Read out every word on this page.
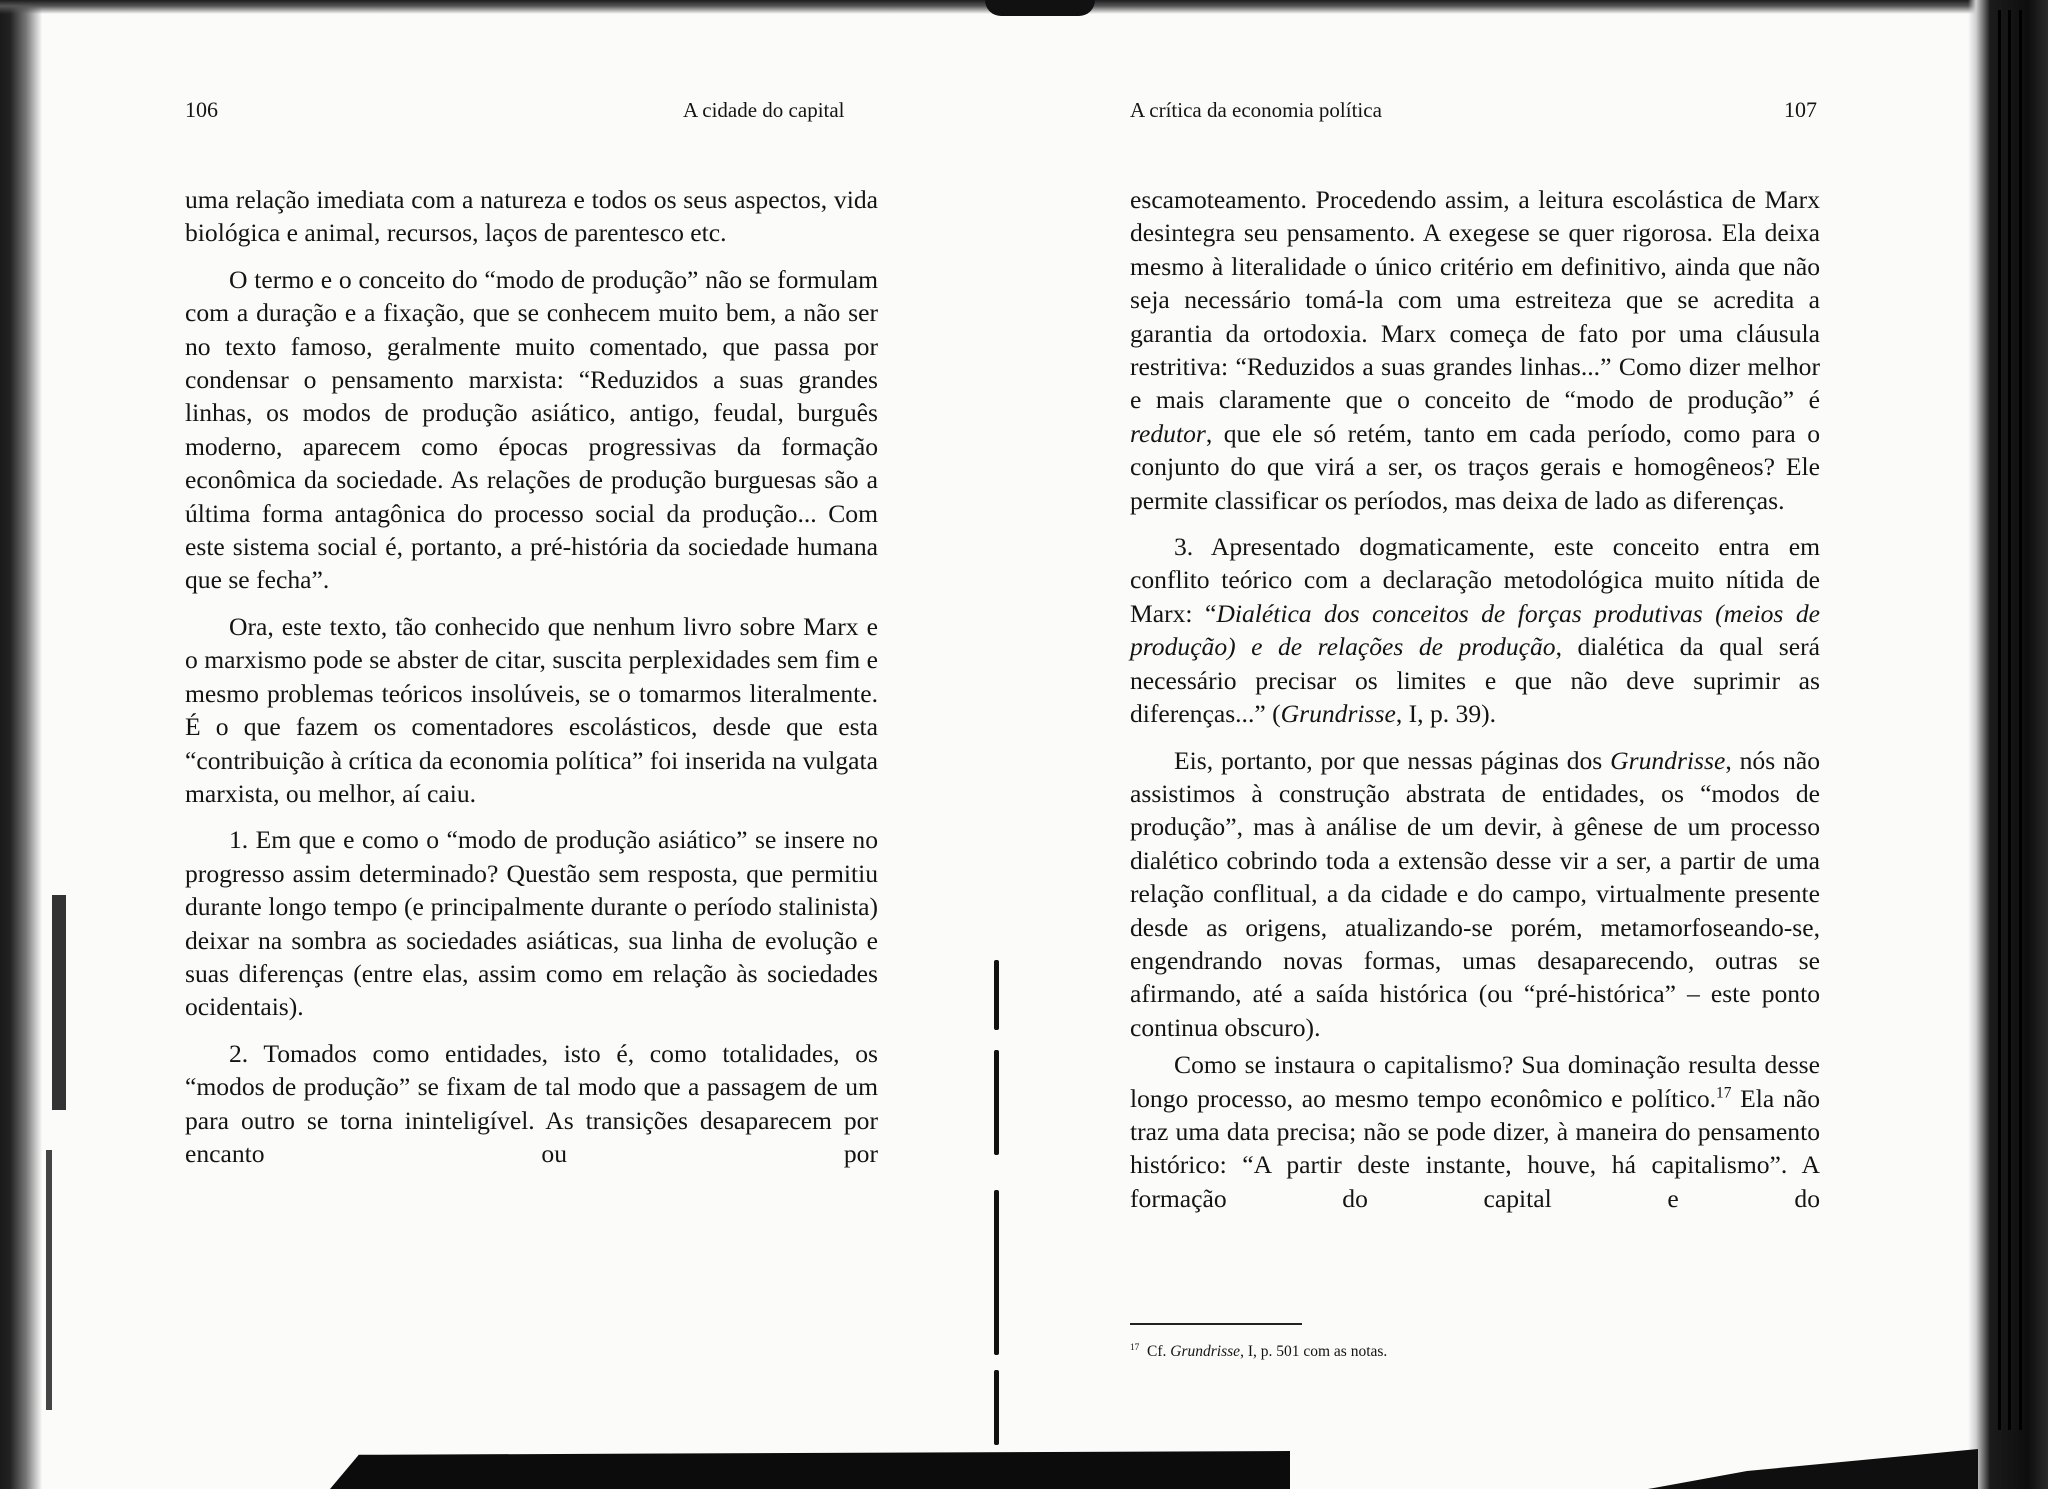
106	A cidade do capital

uma relação imediata com a natureza e todos os seus aspectos, vida biológica e animal, recursos, laços de parentesco etc.

O termo e o conceito do “modo de produção” não se formulam com a duração e a fixação, que se conhecem muito bem, a não ser no texto famoso, geralmente muito comentado, que passa por condensar o pensamento marxista: “Reduzidos a suas grandes linhas, os modos de produção asiático, antigo, feudal, burguês moderno, aparecem como épocas progressivas da formação econômica da sociedade. As relações de produção burguesas são a última forma antagônica do processo social da produção... Com este sistema social é, portanto, a pré-história da sociedade humana que se fecha”.

Ora, este texto, tão conhecido que nenhum livro sobre Marx e o marxismo pode se abster de citar, suscita perplexidades sem fim e mesmo problemas teóricos insolúveis, se o tomarmos literalmente. É o que fazem os comentadores escolásticos, desde que esta “contribuição à crítica da economia política” foi inserida na vulgata marxista, ou melhor, aí caiu.

1. Em que e como o “modo de produção asiático” se insere no progresso assim determinado? Questão sem resposta, que permitiu durante longo tempo (e principalmente durante o período stalinista) deixar na sombra as sociedades asiáticas, sua linha de evolução e suas diferenças (entre elas, assim como em relação às sociedades ocidentais).

2. Tomados como entidades, isto é, como totalidades, os “modos de produção” se fixam de tal modo que a passagem de um para outro se torna ininteligível. As transições desaparecem por encanto ou por

A crítica da economia política	107

escamoteamento. Procedendo assim, a leitura escolástica de Marx desintegra seu pensamento. A exegese se quer rigorosa. Ela deixa mesmo à literalidade o único critério em definitivo, ainda que não seja necessário tomá-la com uma estreiteza que se acredita a garantia da ortodoxia. Marx começa de fato por uma cláusula restritiva: “Reduzidos a suas grandes linhas...” Como dizer melhor e mais claramente que o conceito de “modo de produção” é redutor, que ele só retém, tanto em cada período, como para o conjunto do que virá a ser, os traços gerais e homogêneos? Ele permite classificar os períodos, mas deixa de lado as diferenças.

3. Apresentado dogmaticamente, este conceito entra em conflito teórico com a declaração metodológica muito nítida de Marx: “Dialética dos conceitos de forças produtivas (meios de produção) e de relações de produção, dialética da qual será necessário precisar os limites e que não deve suprimir as diferenças...” (Grundrisse, I, p. 39).

Eis, portanto, por que nessas páginas dos Grundrisse, nós não assistimos à construção abstrata de entidades, os “modos de produção”, mas à análise de um devir, à gênese de um processo dialético cobrindo toda a extensão desse vir a ser, a partir de uma relação conflitual, a da cidade e do campo, virtualmente presente desde as origens, atualizando-se porém, metamorfoseando-se, engendrando novas formas, umas desaparecendo, outras se afirmando, até a saída histórica (ou “pré-histórica” – este ponto continua obscuro).

Como se instaura o capitalismo? Sua dominação resulta desse longo processo, ao mesmo tempo econômico e político.$^{17}$ Ela não traz uma data precisa; não se pode dizer, à maneira do pensamento histórico: “A partir deste instante, houve, há capitalismo”. A formação do capital e do

$^{17}$ Cf. Grundrisse, I, p. 501 com as notas.
